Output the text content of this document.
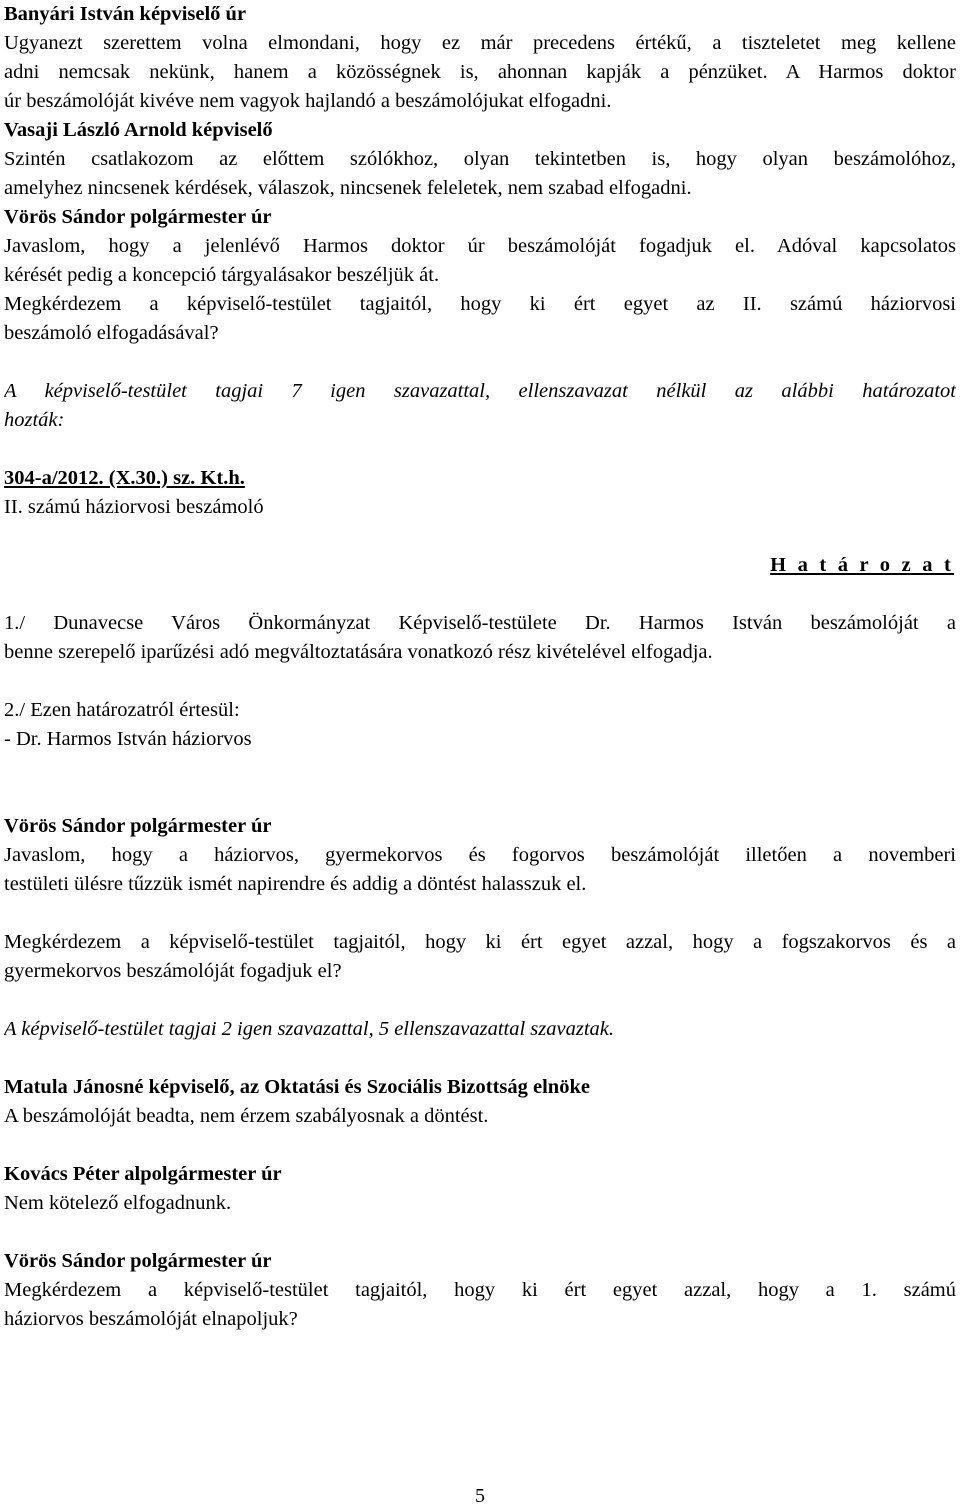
Banyári István képviselő úr
Ugyanezt szerettem volna elmondani, hogy ez már precedens értékű, a tiszteletet meg kellene
adni nemcsak nekünk, hanem a közösségnek is, ahonnan kapják a pénzüket. A Harmos doktor
úr beszámolóját kivéve nem vagyok hajlandó a beszámolójukat elfogadni.
Vasaji László Arnold képviselő
Szintén csatlakozom az előttem szólókhoz, olyan tekintetben is, hogy olyan beszámolóhoz,
amelyhez nincsenek kérdések, válaszok, nincsenek feleletek, nem szabad elfogadni.
Vörös Sándor polgármester úr
Javaslom, hogy a jelenlévő Harmos doktor úr beszámolóját fogadjuk el. Adóval kapcsolatos
kérését pedig a koncepció tárgyalásakor beszéljük át.
Megkérdezem a képviselő-testület tagjaitól, hogy ki ért egyet az II. számú háziorvosi
beszámoló elfogadásával?
A képviselő-testület tagjai 7 igen szavazattal, ellenszavazat nélkül az alábbi határozatot
hozták:
304-a/2012. (X.30.) sz. Kt.h.
II. számú háziorvosi beszámoló
H a t á r o z a t
1./ Dunavecse Város Önkormányzat Képviselő-testülete Dr. Harmos István beszámolóját a
benne szerepelő iparűzési adó megváltoztatására vonatkozó rész kivételével elfogadja.
2./ Ezen határozatról értesül:
- Dr. Harmos István háziorvos
Vörös Sándor polgármester úr
Javaslom, hogy a háziorvos, gyermekorvos és fogorvos beszámolóját illetően a novemberi
testületi ülésre tűzzük ismét napirendre és addig a döntést halasszuk el.
Megkérdezem a képviselő-testület tagjaitól, hogy ki ért egyet azzal, hogy a fogszakorvos és a
gyermekorvos beszámolóját fogadjuk el?
A képviselő-testület tagjai 2 igen szavazattal, 5 ellenszavazattal szavaztak.
Matula Jánosné képviselő, az Oktatási és Szociális Bizottság elnöke
A beszámolóját beadta, nem érzem szabályosnak a döntést.
Kovács Péter alpolgármester úr
Nem kötelező elfogadnunk.
Vörös Sándor polgármester úr
Megkérdezem a képviselő-testület tagjaitól, hogy ki ért egyet azzal, hogy a 1. számú
háziorvos beszámolóját elnapoljuk?
5
